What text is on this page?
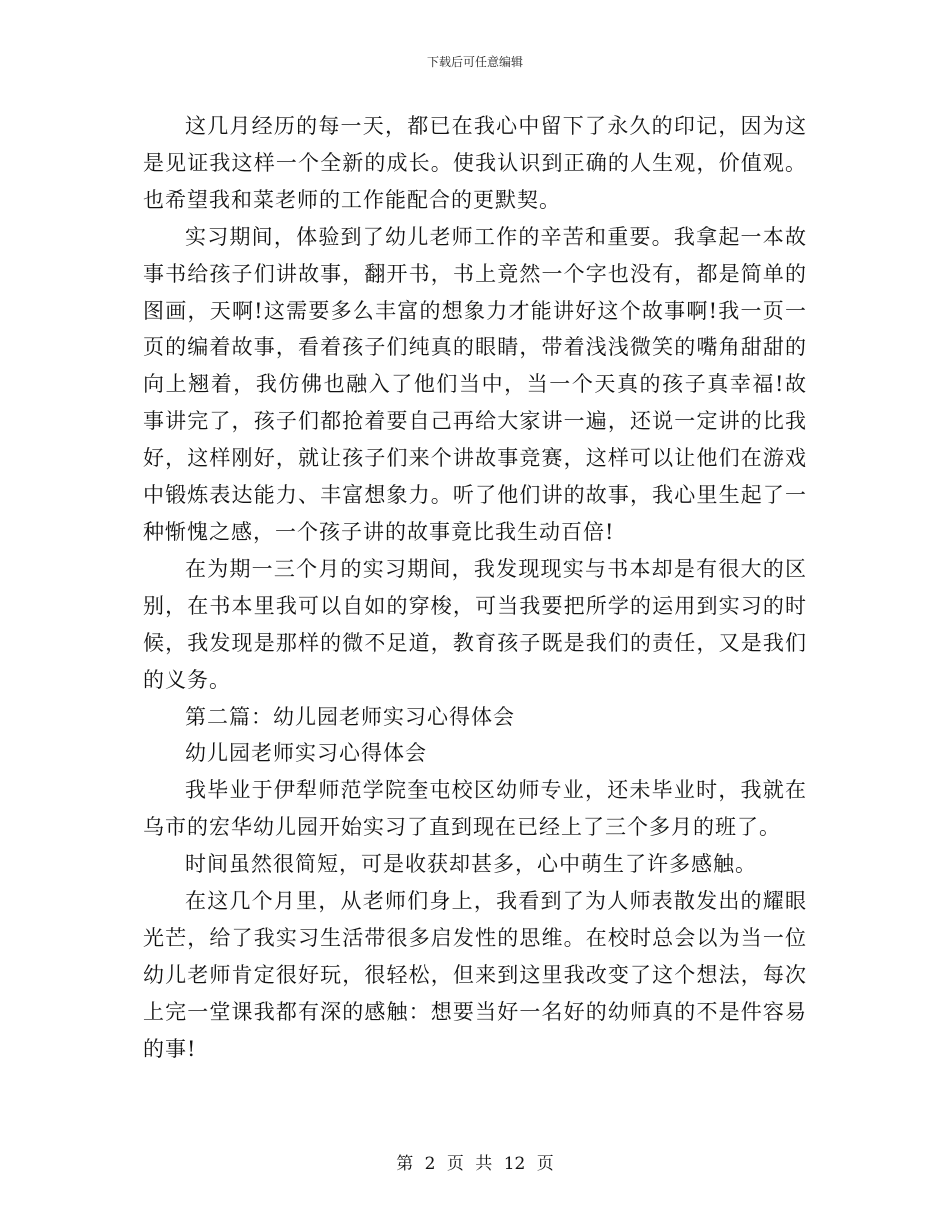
下载后可任意编辑

这几月经历的每一天，都已在我心中留下了永久的印记，因为这是见证我这样一个全新的成长。使我认识到正确的人生观，价值观。也希望我和菜老师的工作能配合的更默契。

实习期间，体验到了幼儿老师工作的辛苦和重要。我拿起一本故事书给孩子们讲故事，翻开书，书上竟然一个字也没有，都是简单的图画，天啊!这需要多么丰富的想象力才能讲好这个故事啊!我一页一页的编着故事，看着孩子们纯真的眼睛，带着浅浅微笑的嘴角甜甜的向上翘着，我仿佛也融入了他们当中，当一个天真的孩子真幸福!故事讲完了，孩子们都抢着要自己再给大家讲一遍，还说一定讲的比我好，这样刚好，就让孩子们来个讲故事竞赛，这样可以让他们在游戏中锻炼表达能力、丰富想象力。听了他们讲的故事，我心里生起了一种惭愧之感，一个孩子讲的故事竟比我生动百倍!

在为期一三个月的实习期间，我发现现实与书本却是有很大的区别，在书本里我可以自如的穿梭，可当我要把所学的运用到实习的时候，我发现是那样的微不足道，教育孩子既是我们的责任，又是我们的义务。

第二篇：幼儿园老师实习心得体会

幼儿园老师实习心得体会

我毕业于伊犁师范学院奎屯校区幼师专业，还未毕业时，我就在乌市的宏华幼儿园开始实习了直到现在已经上了三个多月的班了。

时间虽然很简短，可是收获却甚多，心中萌生了许多感触。

在这几个月里，从老师们身上，我看到了为人师表散发出的耀眼光芒，给了我实习生活带很多启发性的思维。在校时总会以为当一位幼儿老师肯定很好玩，很轻松，但来到这里我改变了这个想法，每次上完一堂课我都有深的感触：想要当好一名好的幼师真的不是件容易的事!

第 2 页 共 12 页
